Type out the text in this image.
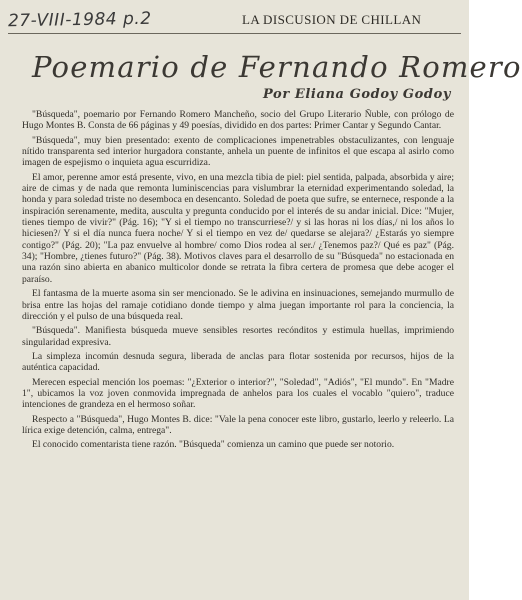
27-VIII-1984 p.2	LA DISCUSION DE CHILLAN
Poemario de Fernando Romero
Por Eliana Godoy Godoy

"Búsqueda", poemario por Fernando Romero Mancheño, socio del Grupo Literario Ñuble, con prólogo de Hugo Montes B. Consta de 66 páginas y 49 poesías, dividido en dos partes: Primer Cantar y Segundo Cantar.

"Búsqueda", muy bien presentado: exento de complicaciones impenetrables obstaculizantes, con lenguaje nítido transparenta sed interior hurgadora constante, anhela un puente de infinitos el que escapa al asirlo como imagen de espejismo o inquieta agua escurridiza.

El amor, perenne amor está presente, vivo, en una mezcla tibia de piel: piel sentida, palpada, absorbida y aire; aire de cimas y de nada que remonta luminiscencias para vislumbrar la eternidad experimentando soledad, la honda y para soledad triste no desemboca en desencanto. Soledad de poeta que sufre, se enternece, responde a la inspiración serenamente, medita, ausculta y pregunta conducido por el interés de su andar inicial. Dice: "Mujer, tienes tiempo de vivir?" (Pág. 16); "Y si el tiempo no transcurriese?/ y si las horas ni los días,/ ni los años lo hiciesen?/ Y si el día nunca fuera noche/ Y si el tiempo en vez de/ quedarse se alejara?/ ¿Estarás yo siempre contigo?" (Pág. 20); "La paz envuelve al hombre/ como Dios rodea al ser./ ¿Tenemos paz?/ Qué es paz" (Pág. 34); "Hombre, ¿tienes futuro?" (Pág. 38). Motivos claves para el desarrollo de su "Búsqueda" no estacionada en una razón sino abierta en abanico multicolor donde se retrata la fibra certera de promesa que debe acoger el paraíso.

El fantasma de la muerte asoma sin ser mencionado. Se le adivina en insinuaciones, semejando murmullo de brisa entre las hojas del ramaje cotidiano donde tiempo y alma juegan importante rol para la conciencia, la dirección y el pulso de una búsqueda real.

"Búsqueda". Manifiesta búsqueda mueve sensibles resortes recónditos y estimula huellas, imprimiendo singularidad expresiva.

La simpleza incomún desnuda segura, liberada de anclas para flotar sostenida por recursos, hijos de la auténtica capacidad.

Merecen especial mención los poemas: "¿Exterior o interior?", "Soledad", "Adiós", "El mundo". En "Madre 1", ubicamos la voz joven conmovida impregnada de anhelos para los cuales el vocablo "quiero", traduce intenciones de grandeza en el hermoso soñar.

Respecto a "Búsqueda", Hugo Montes B. dice: "Vale la pena conocer este libro, gustarlo, leerlo y releerlo. La lírica exige detención, calma, entrega".

El conocido comentarista tiene razón. "Búsqueda" comienza un camino que puede ser notorio.
